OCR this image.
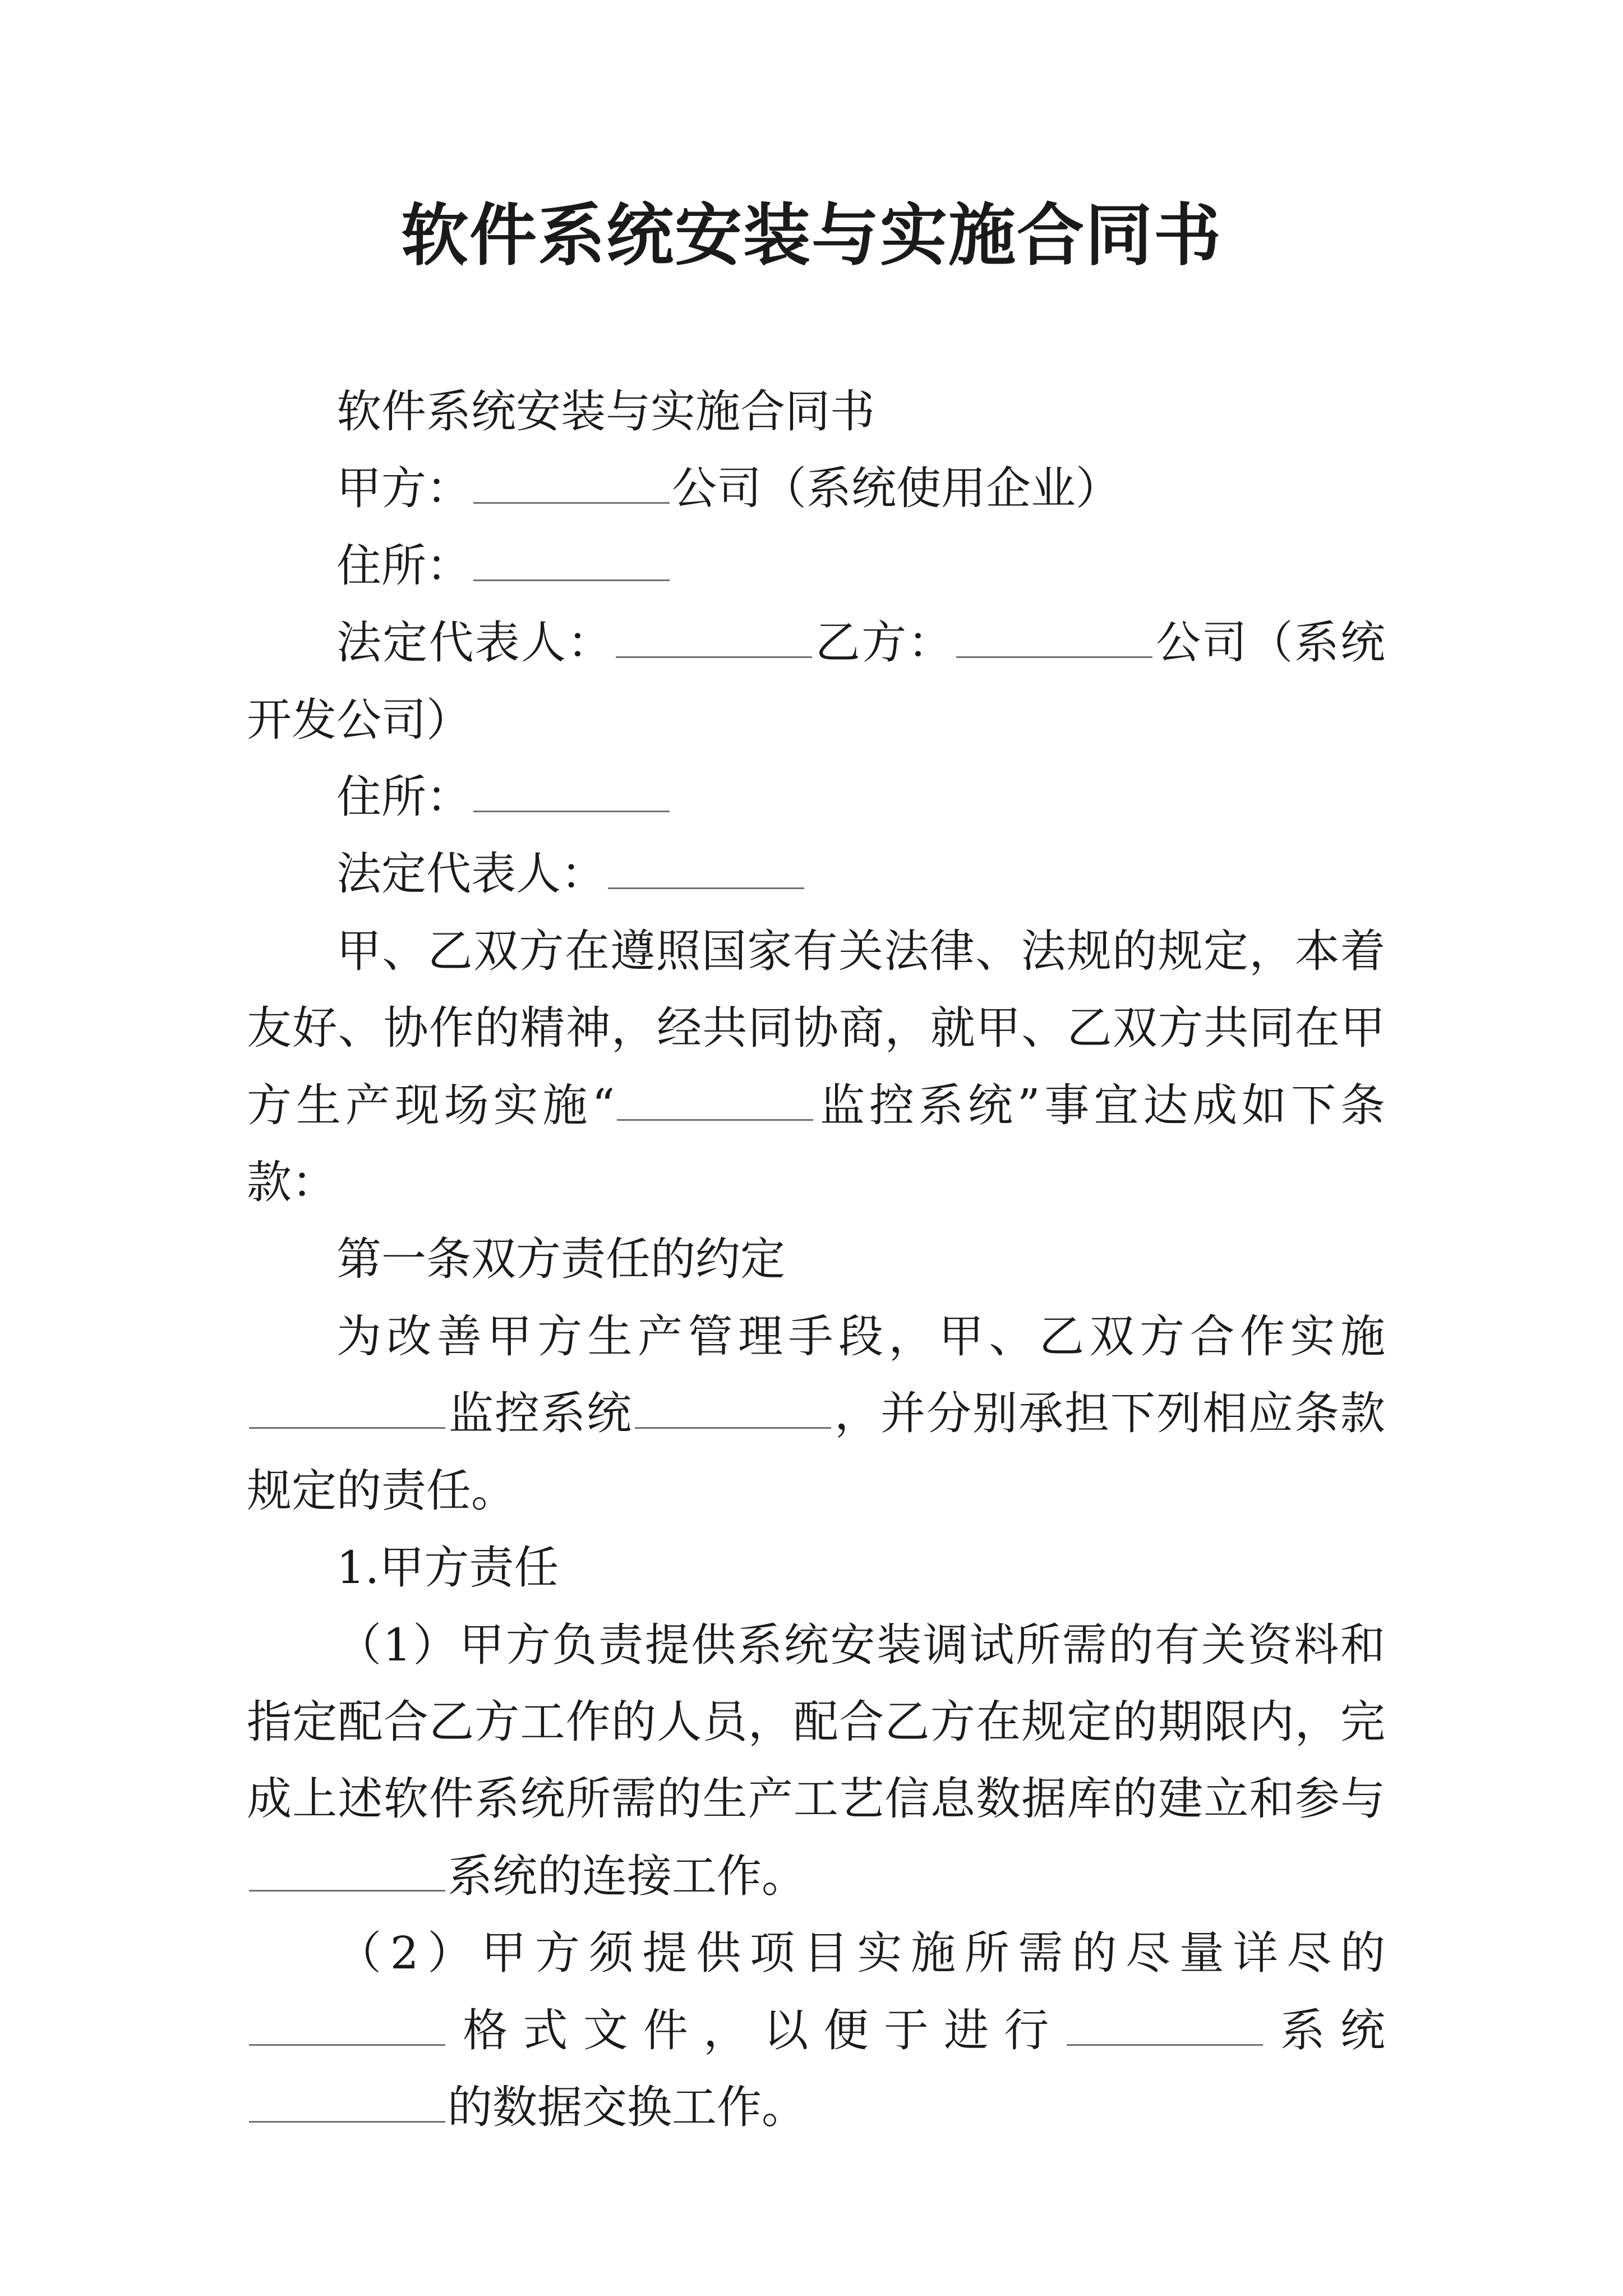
软件系统安装与实施合同书

软件系统安装与实施合同书

甲方：	公司（系统使用企业）

住所：

法定代表人：	乙方：	公司（系统开发公司）

住所：

法定代表人：

甲、乙双方在遵照国家有关法律、法规的规定，本着友好、协作的精神，经共同协商，就甲、乙双方共同在甲方生产现场实施“	监控系统”事宜达成如下条款：

第一条双方责任的约定

为改善甲方生产管理手段，甲、乙双方合作实施监控系统	，并分别承担下列相应条款规定的责任。

1.甲方责任

（1）甲方负责提供系统安装调试所需的有关资料和指定配合乙方工作的人员，配合乙方在规定的期限内，完成上述软件系统所需的生产工艺信息数据库的建立和参与系统的连接工作。

（2）甲方须提供项目实施所需的尽量详尽的格式文件，以便于进行	系统的数据交换工作。
